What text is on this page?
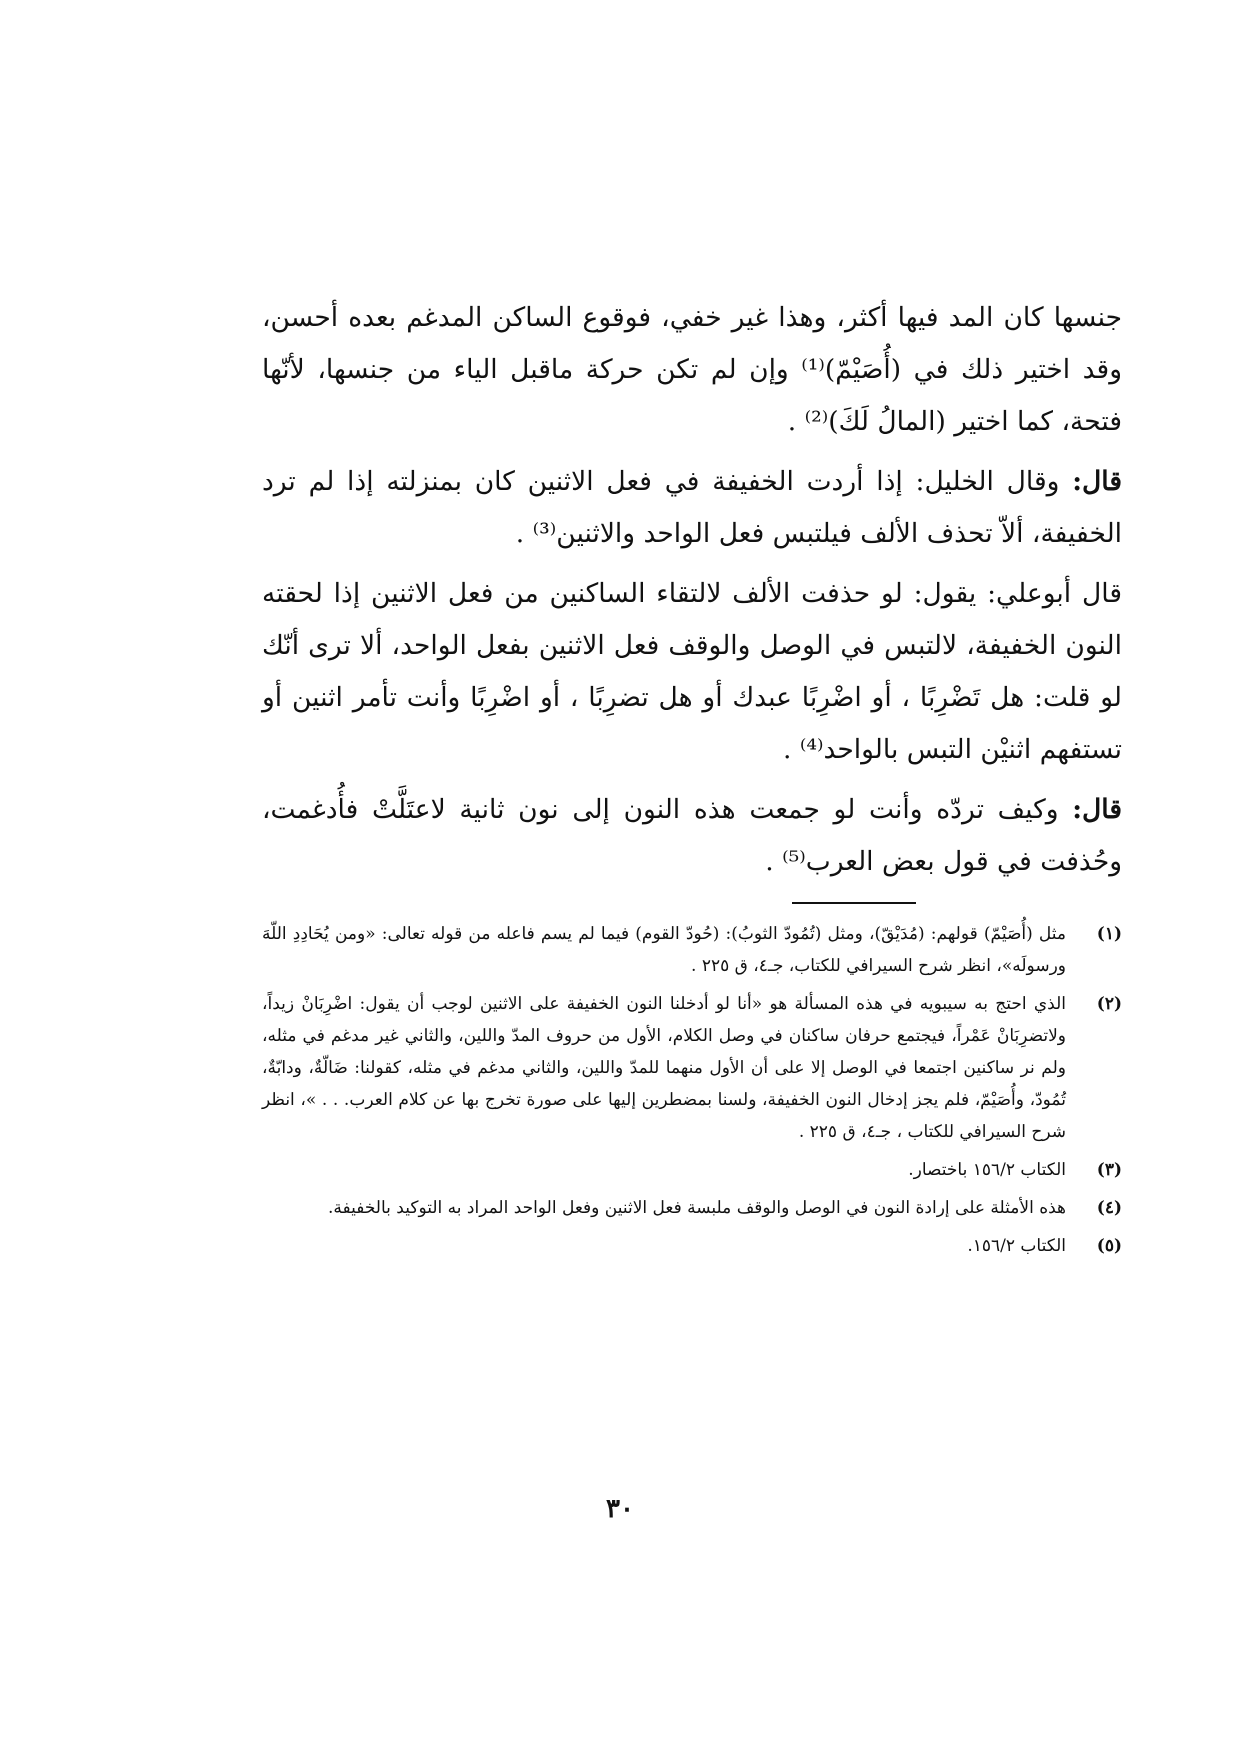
جنسها كان المد فيها أكثر، وهذا غير خفي، فوقوع الساكن المدغم بعده أحسن، وقد اختير ذلك في (أُصَيْمّ)⁽¹⁾ وإن لم تكن حركة ماقبل الياء من جنسها، لأنّها فتحة، كما اختير (المالُ لَكَ)⁽²⁾ .

قال: وقال الخليل: إذا أردت الخفيفة في فعل الاثنين كان بمنزلته إذا لم ترد الخفيفة، ألاّ تحذف الألف فيلتبس فعل الواحد والاثنين⁽³⁾ .

قال أبوعلي: يقول: لو حذفت الألف لالتقاء الساكنين من فعل الاثنين إذا لحقته النون الخفيفة، لالتبس في الوصل والوقف فعل الاثنين بفعل الواحد، ألا ترى أنّك لو قلت: هل تَضْرِبًا ، أو اضْرِبًا عبدك أو هل تضرِبًا ، أو اضْرِبًا وأنت تأمر اثنين أو تستفهم اثنيْن التبس بالواحد⁽⁴⁾ .

قال: وكيف تردّه وأنت لو جمعت هذه النون إلى نون ثانية لاعتَلَّتْ فأُدغمت، وحُذفت في قول بعض العرب⁽⁵⁾ .

(١)
مثل (أُصَيْمّ) قولهم: (مُدَيْقّ)، ومثل (تُمُودّ الثوبُ): (حُودّ القوم) فيما لم يسم فاعله من قوله تعالى: «ومن يُحَادِدِ اللّهَ ورسولَه»، انظر شرح السيرافي للكتاب، جـ٤، ق ٢٢٥ .
(٢)
الذي احتج به سيبويه في هذه المسألة هو «أنا لو أدخلنا النون الخفيفة على الاثنين لوجب أن يقول: اضْرِبَانْ زيداً، ولاتضرِبَانْ عَمْراً، فيجتمع حرفان ساكنان في وصل الكلام، الأول من حروف المدّ واللين، والثاني غير مدغم في مثله، ولم نر ساكنين اجتمعا في الوصل إلا على أن الأول منهما للمدّ واللين، والثاني مدغم في مثله، كقولنا: ضَالّةٌ، ودابّةٌ، تُمُودّ، وأُصَيْمّ، فلم يجز إدخال النون الخفيفة، ولسنا بمضطرين إليها على صورة تخرج بها عن كلام العرب. . . »، انظر شرح السيرافي للكتاب ، جـ٤، ق ٢٢٥ .
(٣)
الكتاب ١٥٦/٢ باختصار.
(٤)
هذه الأمثلة على إرادة النون في الوصل والوقف ملبسة فعل الاثنين وفعل الواحد المراد به التوكيد بالخفيفة.
(٥)
الكتاب ١٥٦/٢.
٣٠
